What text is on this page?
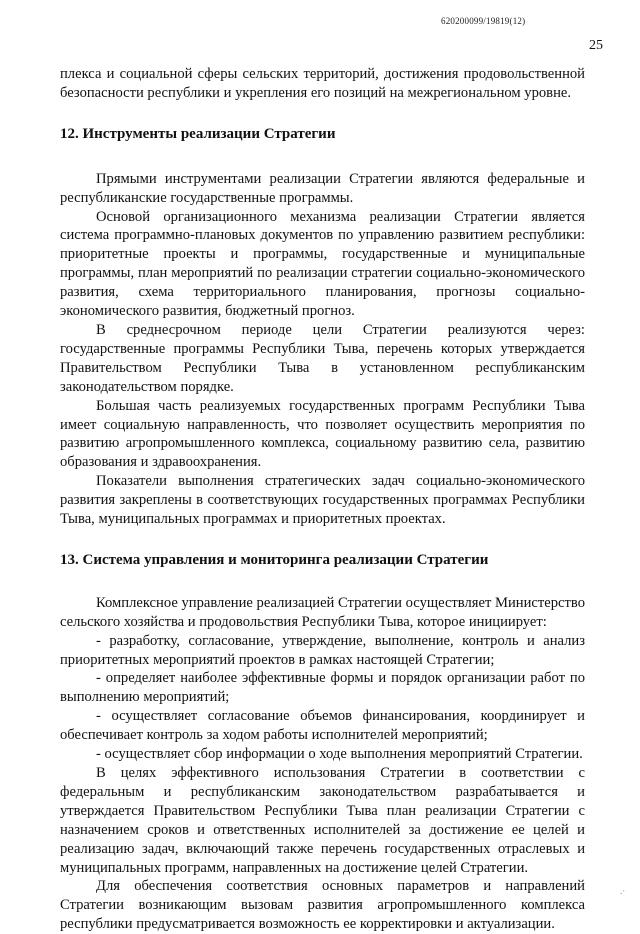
620200099/19819(12)
25

плекса и социальной сферы сельских территорий, достижения продовольственной безопасности республики и укрепления его позиций на межрегиональном уровне.

12. Инструменты реализации Стратегии

Прямыми инструментами реализации Стратегии являются федеральные и республиканские государственные программы.

Основой организационного механизма реализации Стратегии является система программно-плановых документов по управлению развитием республики: приоритетные проекты и программы, государственные и муниципальные программы, план мероприятий по реализации стратегии социально-экономического развития, схема территориального планирования, прогнозы социально-экономического развития, бюджетный прогноз.

В среднесрочном периоде цели Стратегии реализуются через: государственные программы Республики Тыва, перечень которых утверждается Правительством Республики Тыва в установленном республиканским законодательством порядке.

Большая часть реализуемых государственных программ Республики Тыва имеет социальную направленность, что позволяет осуществить мероприятия по развитию агропромышленного комплекса, социальному развитию села, развитию образования и здравоохранения.

Показатели выполнения стратегических задач социально-экономического развития закреплены в соответствующих государственных программах Республики Тыва, муниципальных программах и приоритетных проектах.

13. Система управления и мониторинга реализации Стратегии

Комплексное управление реализацией Стратегии осуществляет Министерство сельского хозяйства и продовольствия Республики Тыва, которое инициирует:

- разработку, согласование, утверждение, выполнение, контроль и анализ приоритетных мероприятий проектов в рамках настоящей Стратегии;

- определяет наиболее эффективные формы и порядок организации работ по выполнению мероприятий;

- осуществляет согласование объемов финансирования, координирует и обеспечивает контроль за ходом работы исполнителей мероприятий;

- осуществляет сбор информации о ходе выполнения мероприятий Стратегии.

В целях эффективного использования Стратегии в соответствии с федеральным и республиканским законодательством разрабатывается и утверждается Правительством Республики Тыва план реализации Стратегии с назначением сроков и ответственных исполнителей за достижение ее целей и реализацию задач, включающий также перечень государственных отраслевых и муниципальных программ, направленных на достижение целей Стратегии.

Для обеспечения соответствия основных параметров и направлений Стратегии возникающим вызовам развития агропромышленного комплекса республики предусматривается возможность ее корректировки и актуализации.

.·
